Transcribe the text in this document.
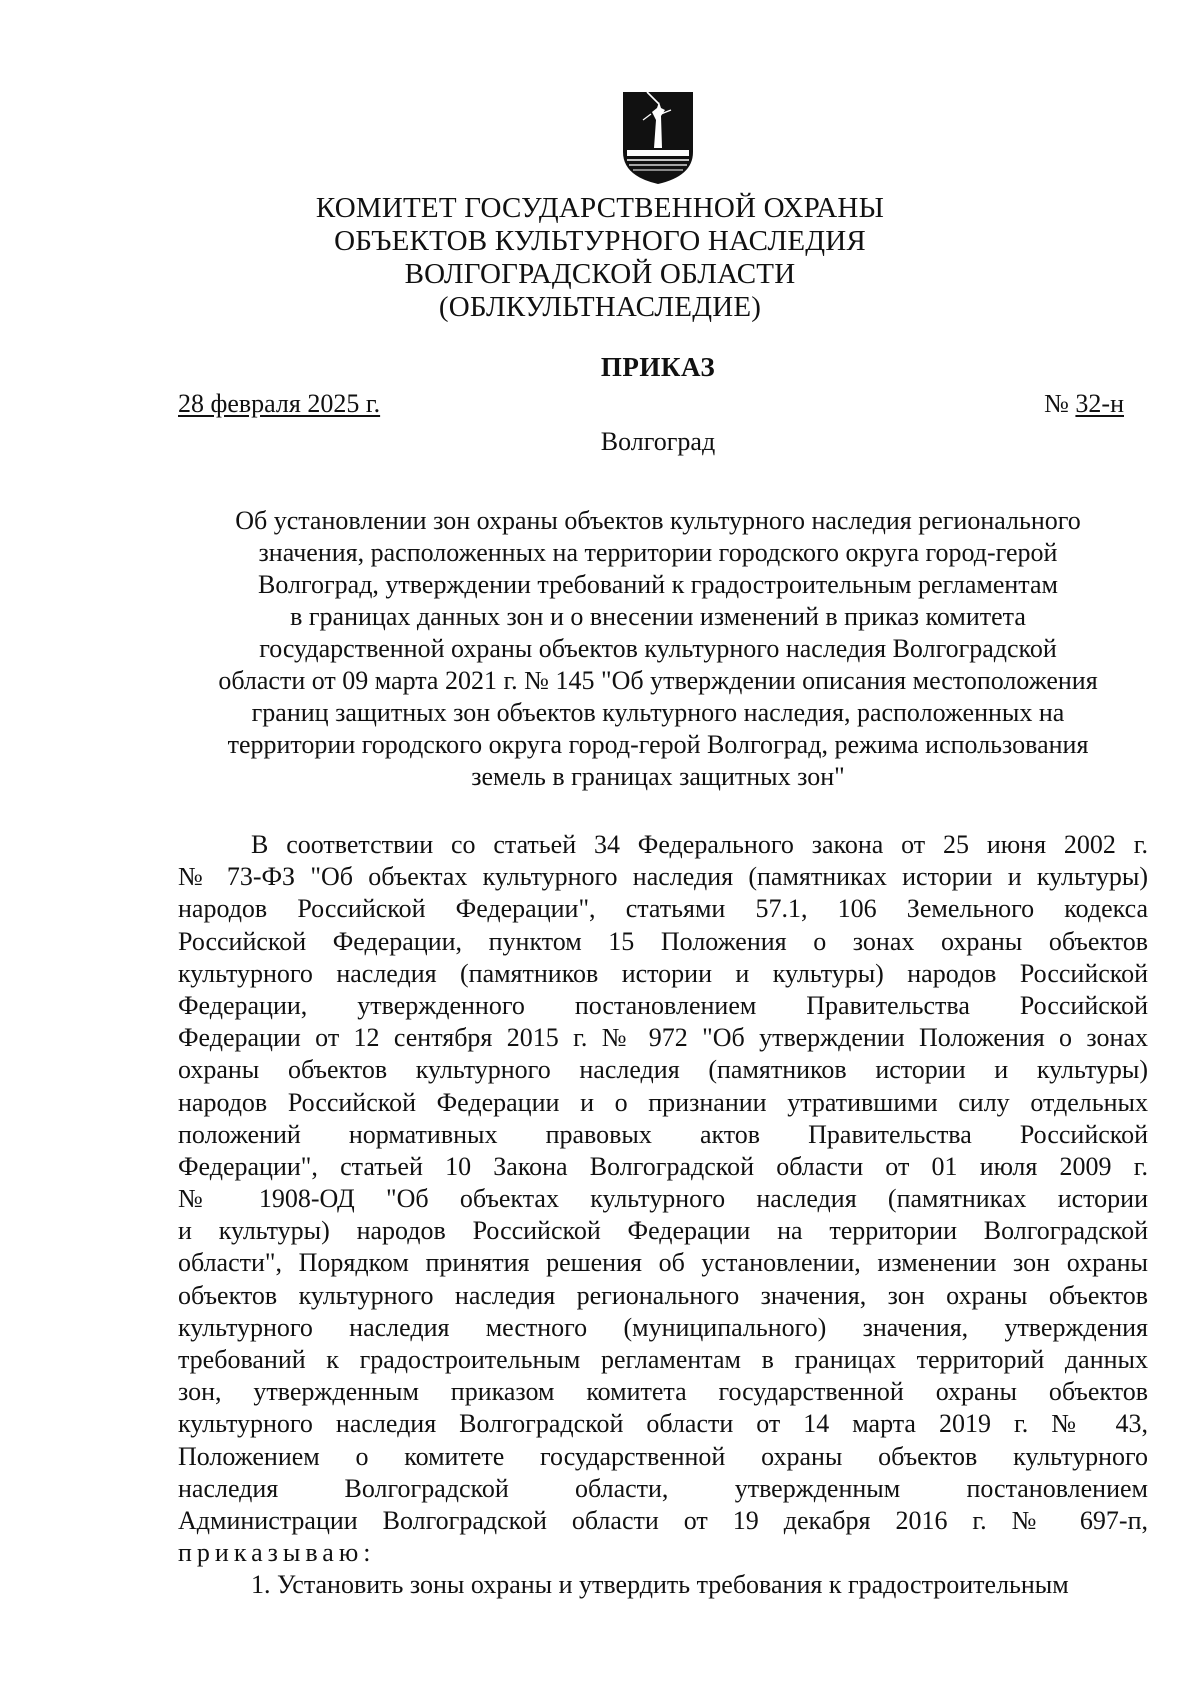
КОМИТЕТ ГОСУДАРСТВЕННОЙ ОХРАНЫ
ОБЪЕКТОВ КУЛЬТУРНОГО НАСЛЕДИЯ
ВОЛГОГРАДСКОЙ ОБЛАСТИ
(ОБЛКУЛЬТНАСЛЕДИЕ)
ПРИКАЗ
28 февраля 2025 г.	№ 32-н
Волгоград
Об установлении зон охраны объектов культурного наследия регионального
значения, расположенных на территории городского округа город-герой
Волгоград, утверждении требований к градостроительным регламентам
в границах данных зон и о внесении изменений в приказ комитета
государственной охраны объектов культурного наследия Волгоградской
области от 09 марта 2021 г. № 145 "Об утверждении описания местоположения
границ защитных зон объектов культурного наследия, расположенных на
территории городского округа город-герой Волгоград, режима использования
земель в границах защитных зон"
В соответствии со статьей 34 Федерального закона от 25 июня 2002 г.
№ 73-ФЗ "Об объектах культурного наследия (памятниках истории и культуры)
народов Российской Федерации", статьями 57.1, 106 Земельного кодекса
Российской Федерации, пунктом 15 Положения о зонах охраны объектов
культурного наследия (памятников истории и культуры) народов Российской
Федерации, утвержденного постановлением Правительства Российской
Федерации от 12 сентября 2015 г. № 972 "Об утверждении Положения о зонах
охраны объектов культурного наследия (памятников истории и культуры)
народов Российской Федерации и о признании утратившими силу отдельных
положений нормативных правовых актов Правительства Российской
Федерации", статьей 10 Закона Волгоградской области от 01 июля 2009 г.
№ 1908-ОД "Об объектах культурного наследия (памятниках истории
и культуры) народов Российской Федерации на территории Волгоградской
области", Порядком принятия решения об установлении, изменении зон охраны
объектов культурного наследия регионального значения, зон охраны объектов
культурного наследия местного (муниципального) значения, утверждения
требований к градостроительным регламентам в границах территорий данных
зон, утвержденным приказом комитета государственной охраны объектов
культурного наследия Волгоградской области от 14 марта 2019 г. № 43,
Положением о комитете государственной охраны объектов культурного
наследия Волгоградской области, утвержденным постановлением
Администрации Волгоградской области от 19 декабря 2016 г. № 697-п,
приказываю:
1. Установить зоны охраны и утвердить требования к градостроительным
